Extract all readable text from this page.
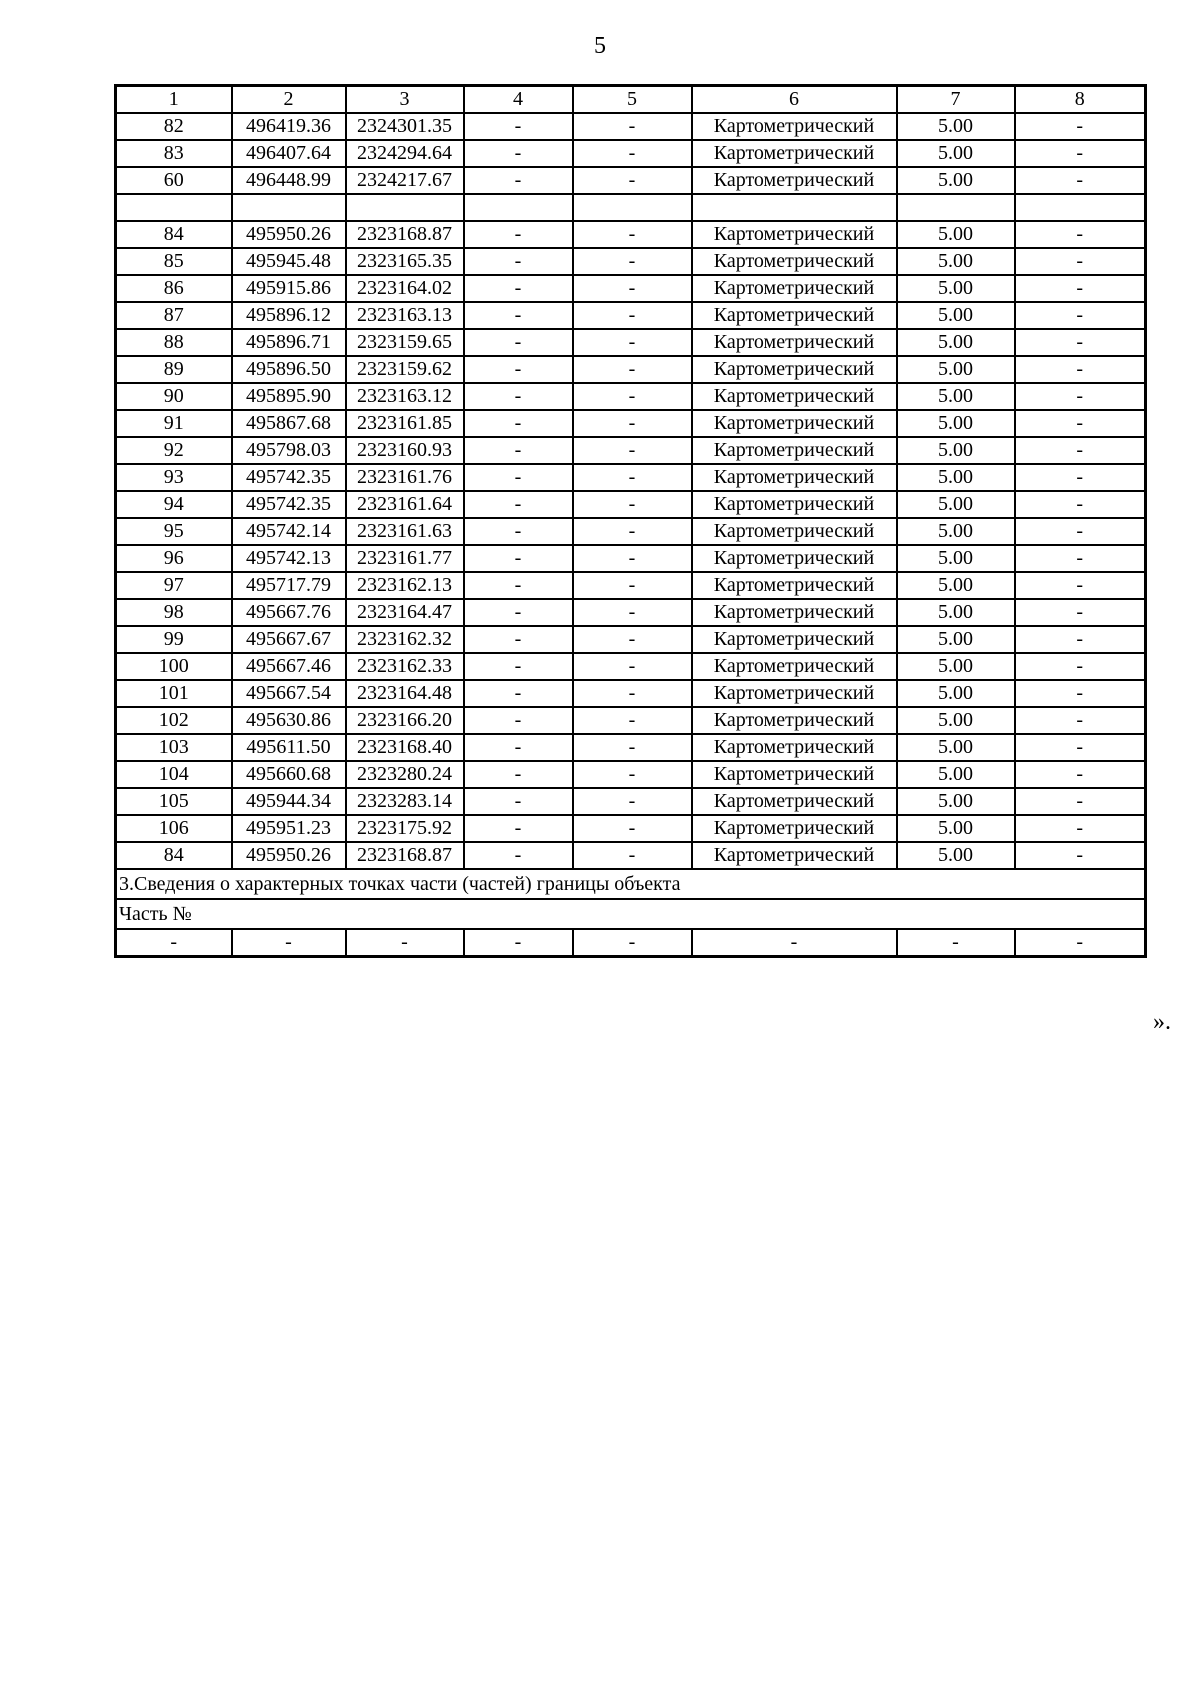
5
1	2	3	4	5	6	7	8
82	496419.36	2324301.35	-	-	Картометрический	5.00	-
83	496407.64	2324294.64	-	-	Картометрический	5.00	-
60	496448.99	2324217.67	-	-	Картометрический	5.00	-

84	495950.26	2323168.87	-	-	Картометрический	5.00	-
85	495945.48	2323165.35	-	-	Картометрический	5.00	-
86	495915.86	2323164.02	-	-	Картометрический	5.00	-
87	495896.12	2323163.13	-	-	Картометрический	5.00	-
88	495896.71	2323159.65	-	-	Картометрический	5.00	-
89	495896.50	2323159.62	-	-	Картометрический	5.00	-
90	495895.90	2323163.12	-	-	Картометрический	5.00	-
91	495867.68	2323161.85	-	-	Картометрический	5.00	-
92	495798.03	2323160.93	-	-	Картометрический	5.00	-
93	495742.35	2323161.76	-	-	Картометрический	5.00	-
94	495742.35	2323161.64	-	-	Картометрический	5.00	-
95	495742.14	2323161.63	-	-	Картометрический	5.00	-
96	495742.13	2323161.77	-	-	Картометрический	5.00	-
97	495717.79	2323162.13	-	-	Картометрический	5.00	-
98	495667.76	2323164.47	-	-	Картометрический	5.00	-
99	495667.67	2323162.32	-	-	Картометрический	5.00	-
100	495667.46	2323162.33	-	-	Картометрический	5.00	-
101	495667.54	2323164.48	-	-	Картометрический	5.00	-
102	495630.86	2323166.20	-	-	Картометрический	5.00	-
103	495611.50	2323168.40	-	-	Картометрический	5.00	-
104	495660.68	2323280.24	-	-	Картометрический	5.00	-
105	495944.34	2323283.14	-	-	Картометрический	5.00	-
106	495951.23	2323175.92	-	-	Картометрический	5.00	-
84	495950.26	2323168.87	-	-	Картометрический	5.00	-
3.Сведения о характерных точках части (частей) границы объекта							
Часть №							
-	-	-	-	-	-	-	-
».
